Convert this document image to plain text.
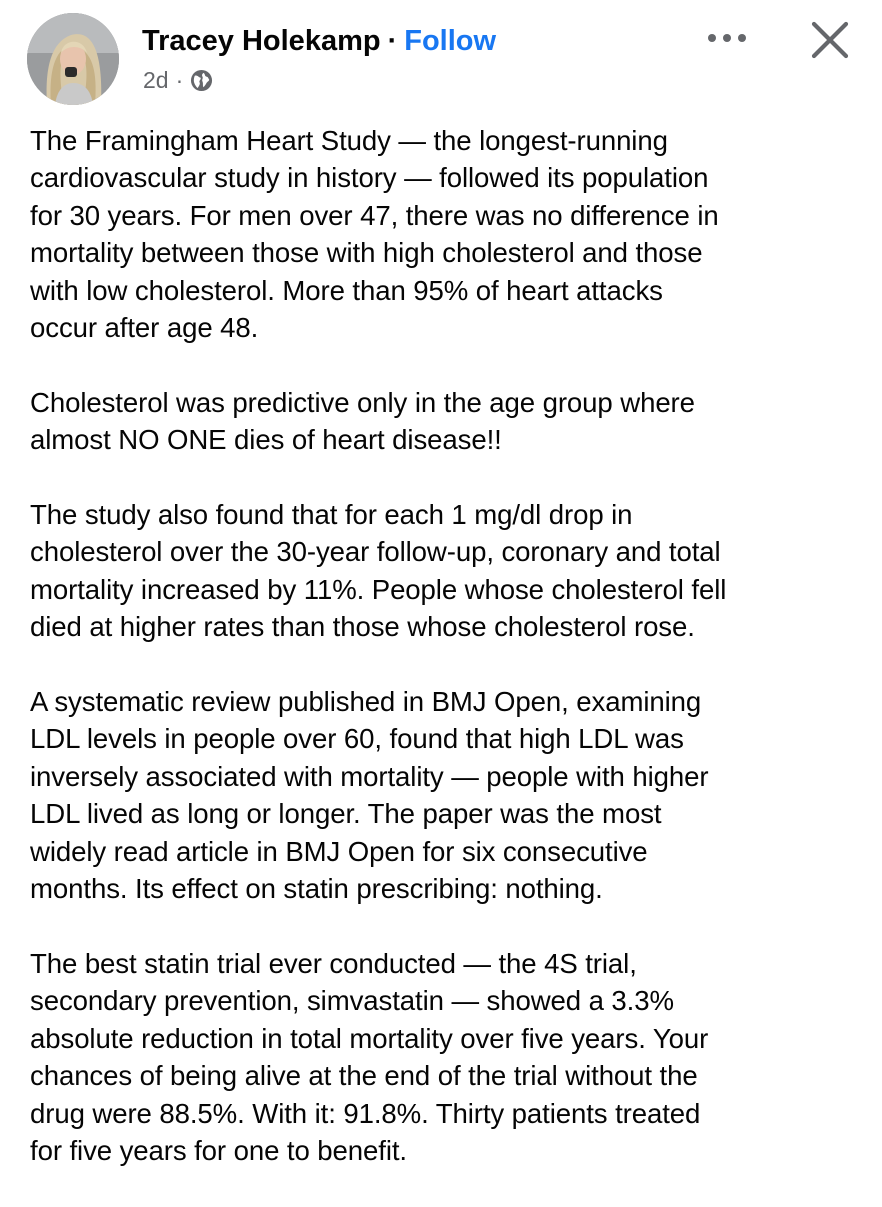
Tracey Holekamp · Follow
2d ·

The Framingham Heart Study — the longest-running
cardiovascular study in history — followed its population
for 30 years. For men over 47, there was no difference in
mortality between those with high cholesterol and those
with low cholesterol. More than 95% of heart attacks
occur after age 48.

Cholesterol was predictive only in the age group where
almost NO ONE dies of heart disease!!

The study also found that for each 1 mg/dl drop in
cholesterol over the 30-year follow-up, coronary and total
mortality increased by 11%. People whose cholesterol fell
died at higher rates than those whose cholesterol rose.

A systematic review published in BMJ Open, examining
LDL levels in people over 60, found that high LDL was
inversely associated with mortality — people with higher
LDL lived as long or longer. The paper was the most
widely read article in BMJ Open for six consecutive
months. Its effect on statin prescribing: nothing.

The best statin trial ever conducted — the 4S trial,
secondary prevention, simvastatin — showed a 3.3%
absolute reduction in total mortality over five years. Your
chances of being alive at the end of the trial without the
drug were 88.5%. With it: 91.8%. Thirty patients treated
for five years for one to benefit.
